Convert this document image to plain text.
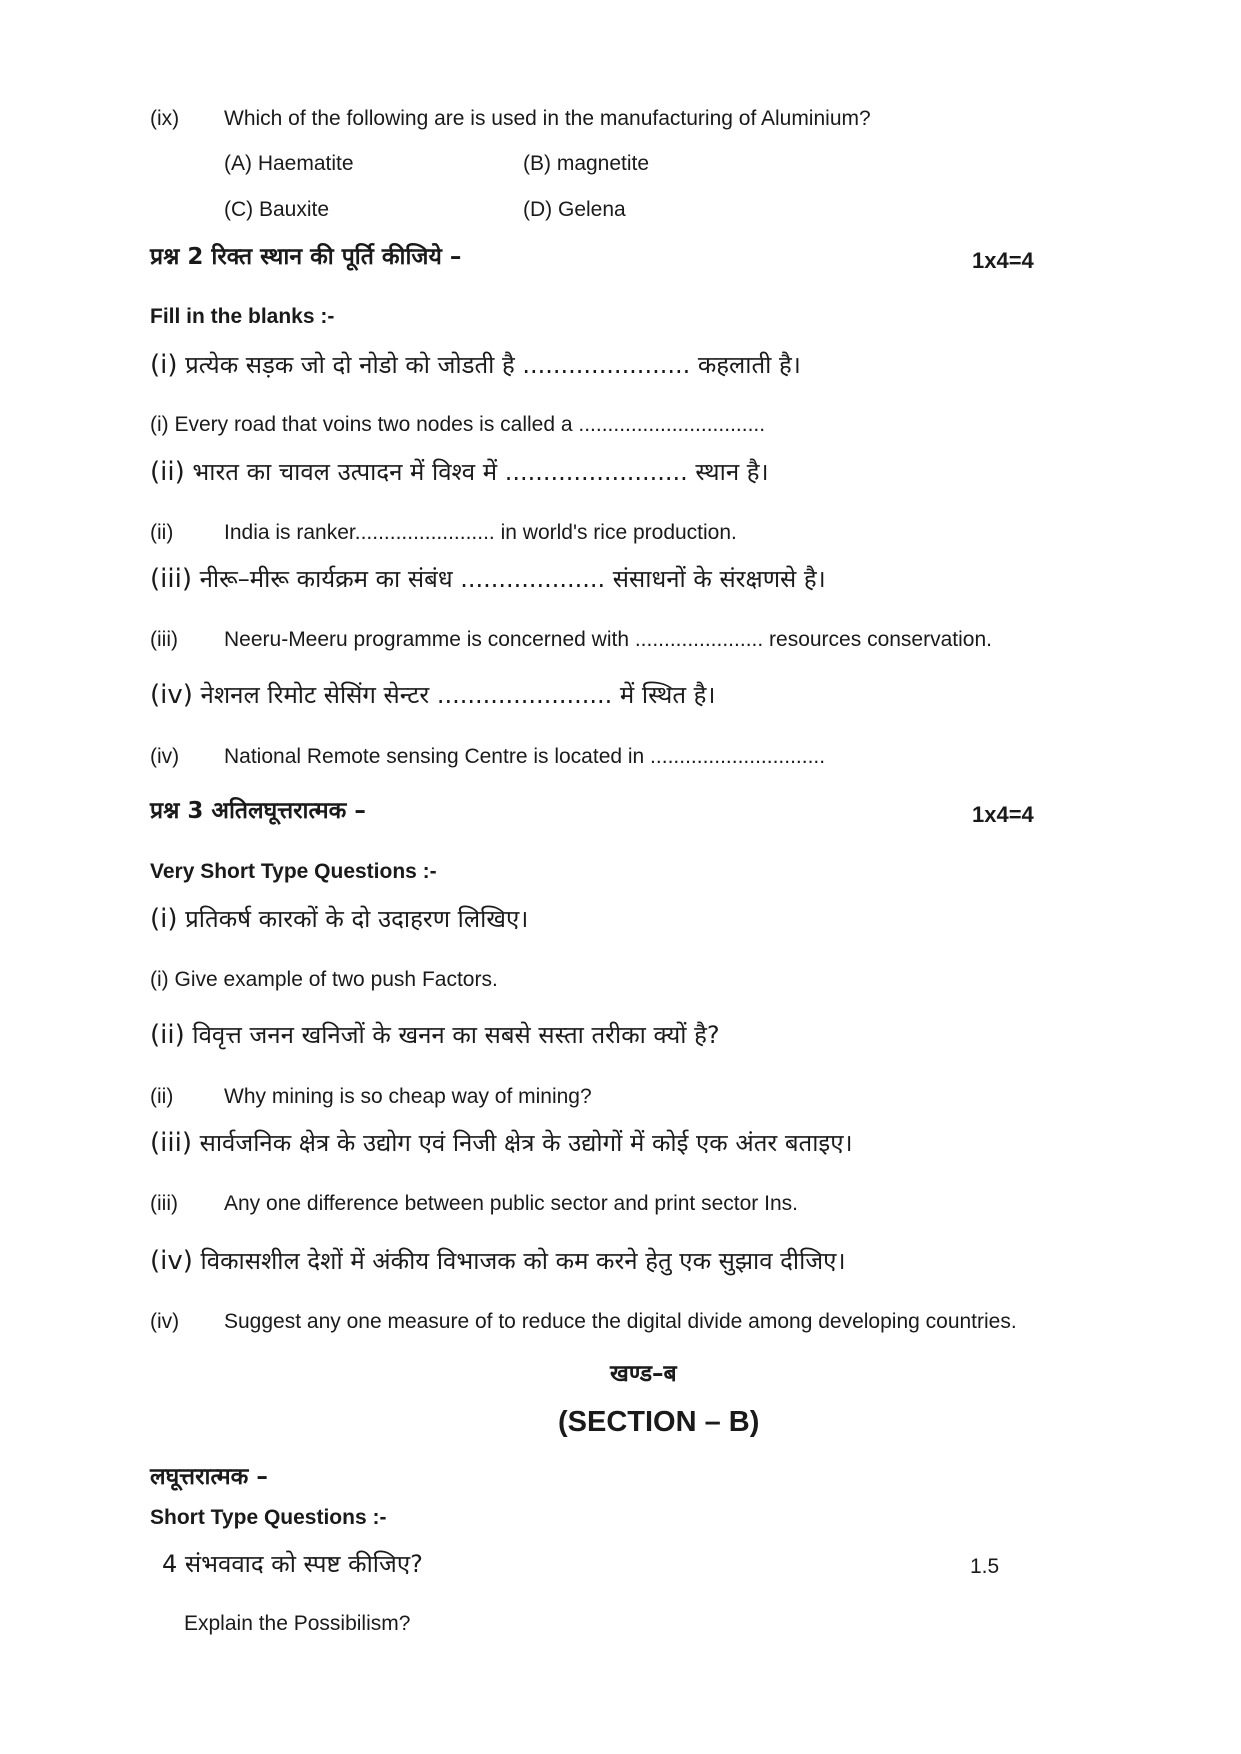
(ix) Which of the following are is used in the manufacturing of Aluminium?
(A) Haematite	(B) magnetite
(C) Bauxite	(D) Gelena
प्रश्न 2 रिक्त स्थान की पूर्ति कीजिये –	1x4=4
Fill in the blanks :-
(i) प्रत्येक सड़क जो दो नोडो को जोडती है ...................... कहलाती है।
(i) Every road that voins two nodes is called a ................................
(ii) भारत का चावल उत्पादन में विश्व में ........................ स्थान है।
(ii) India is ranker........................ in world's rice production.
(iii) नीरू–मीरू कार्यक्रम का संबंध ................... संसाधनों के संरक्षणसे है।
(iii) Neeru-Meeru programme is concerned with ...................... resources conservation.
(iv) नेशनल रिमोट सेसिंग सेन्टर ....................... में स्थित है।
(iv) National Remote sensing Centre is located in ..............................
प्रश्न 3 अतिलघूत्तरात्मक –	1x4=4
Very Short Type Questions :-
(i) प्रतिकर्ष कारकों के दो उदाहरण लिखिए।
(i) Give example of two push Factors.
(ii) विवृत्त जनन खनिजों के खनन का सबसे सस्ता तरीका क्यों है?
(ii) Why mining is so cheap way of mining?
(iii) सार्वजनिक क्षेत्र के उद्योग एवं निजी क्षेत्र के उद्योगों में कोई एक अंतर बताइए।
(iii) Any one difference between public sector and print sector Ins.
(iv) विकासशील देशों में अंकीय विभाजक को कम करने हेतु एक सुझाव दीजिए।
(iv) Suggest any one measure of to reduce the digital divide among developing countries.
खण्ड–ब
(SECTION – B)
लघूत्तरात्मक –
Short Type Questions :-
4 संभववाद को स्पष्ट कीजिए?	1.5
Explain the Possibilism?
